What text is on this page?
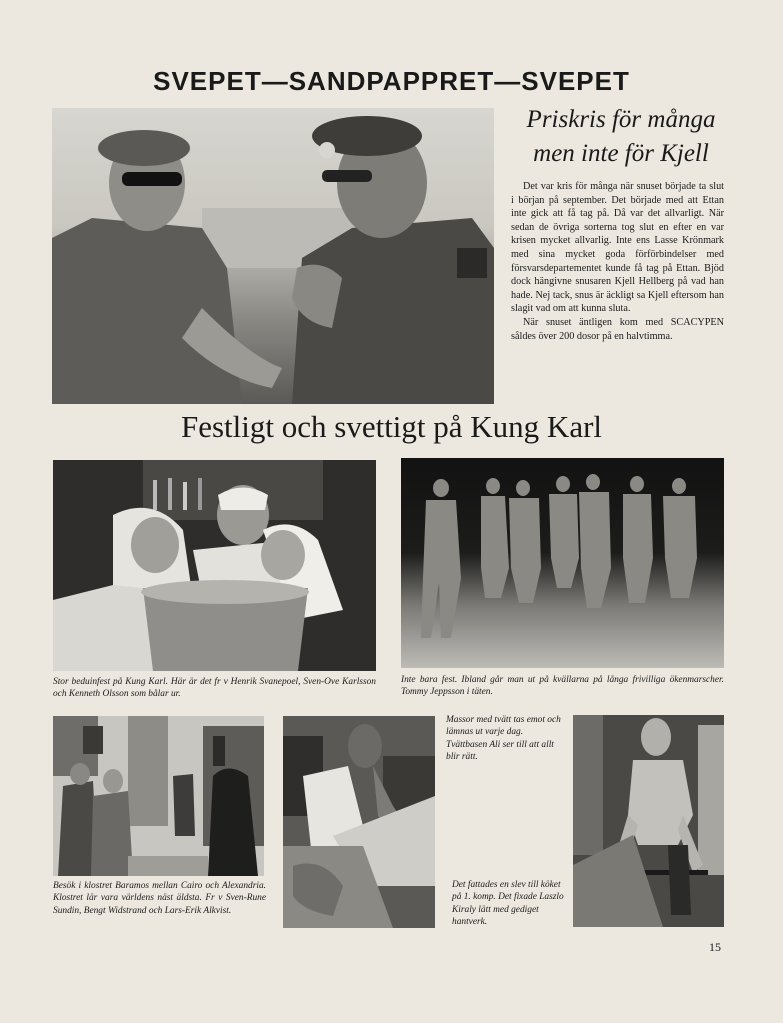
SVEPET—SANDPAPPRET—SVEPET
Priskris för många
men inte för Kjell

Det var kris för många när snuset började ta slut i början på september. Det började med att Ettan inte gick att få tag på. Då var det allvarligt. När sedan de övriga sorterna tog slut en efter en var krisen mycket allvarlig. Inte ens Lasse Krönmark med sina mycket goda förförbindelser med försvarsdepartementet kunde få tag på Ettan. Bjöd dock hängivne snusaren Kjell Hellberg på vad han hade. Nej tack, snus är äckligt sa Kjell eftersom han slagit vad om att kunna sluta.

När snuset äntligen kom med SCACYPEN såldes över 200 dosor på en halvtimma.

Festligt och svettigt på Kung Karl
Stor beduinfest på Kung Karl. Här är det fr v Henrik Svanepoel, Sven-Ove Karlsson och Kenneth Olsson som bålar ur.
Inte bara fest. Ibland går man ut på kvällarna på långa frivilliga ökenmarscher. Tommy Jeppsson i täten.
Besök i klostret Baramos mellan Cairo och Alexandria. Klostret lär vara världens näst äldsta. Fr v Sven-Rune Sundin, Bengt Widstrand och Lars-Erik Alkvist.
Massor med tvätt tas emot och lämnas ut varje dag. Tvättbasen Ali ser till att allt blir rätt.
Det fattades en slev till köket på 1. komp. Det fixade Laszlo Kiraly lätt med gediget hantverk.
15
